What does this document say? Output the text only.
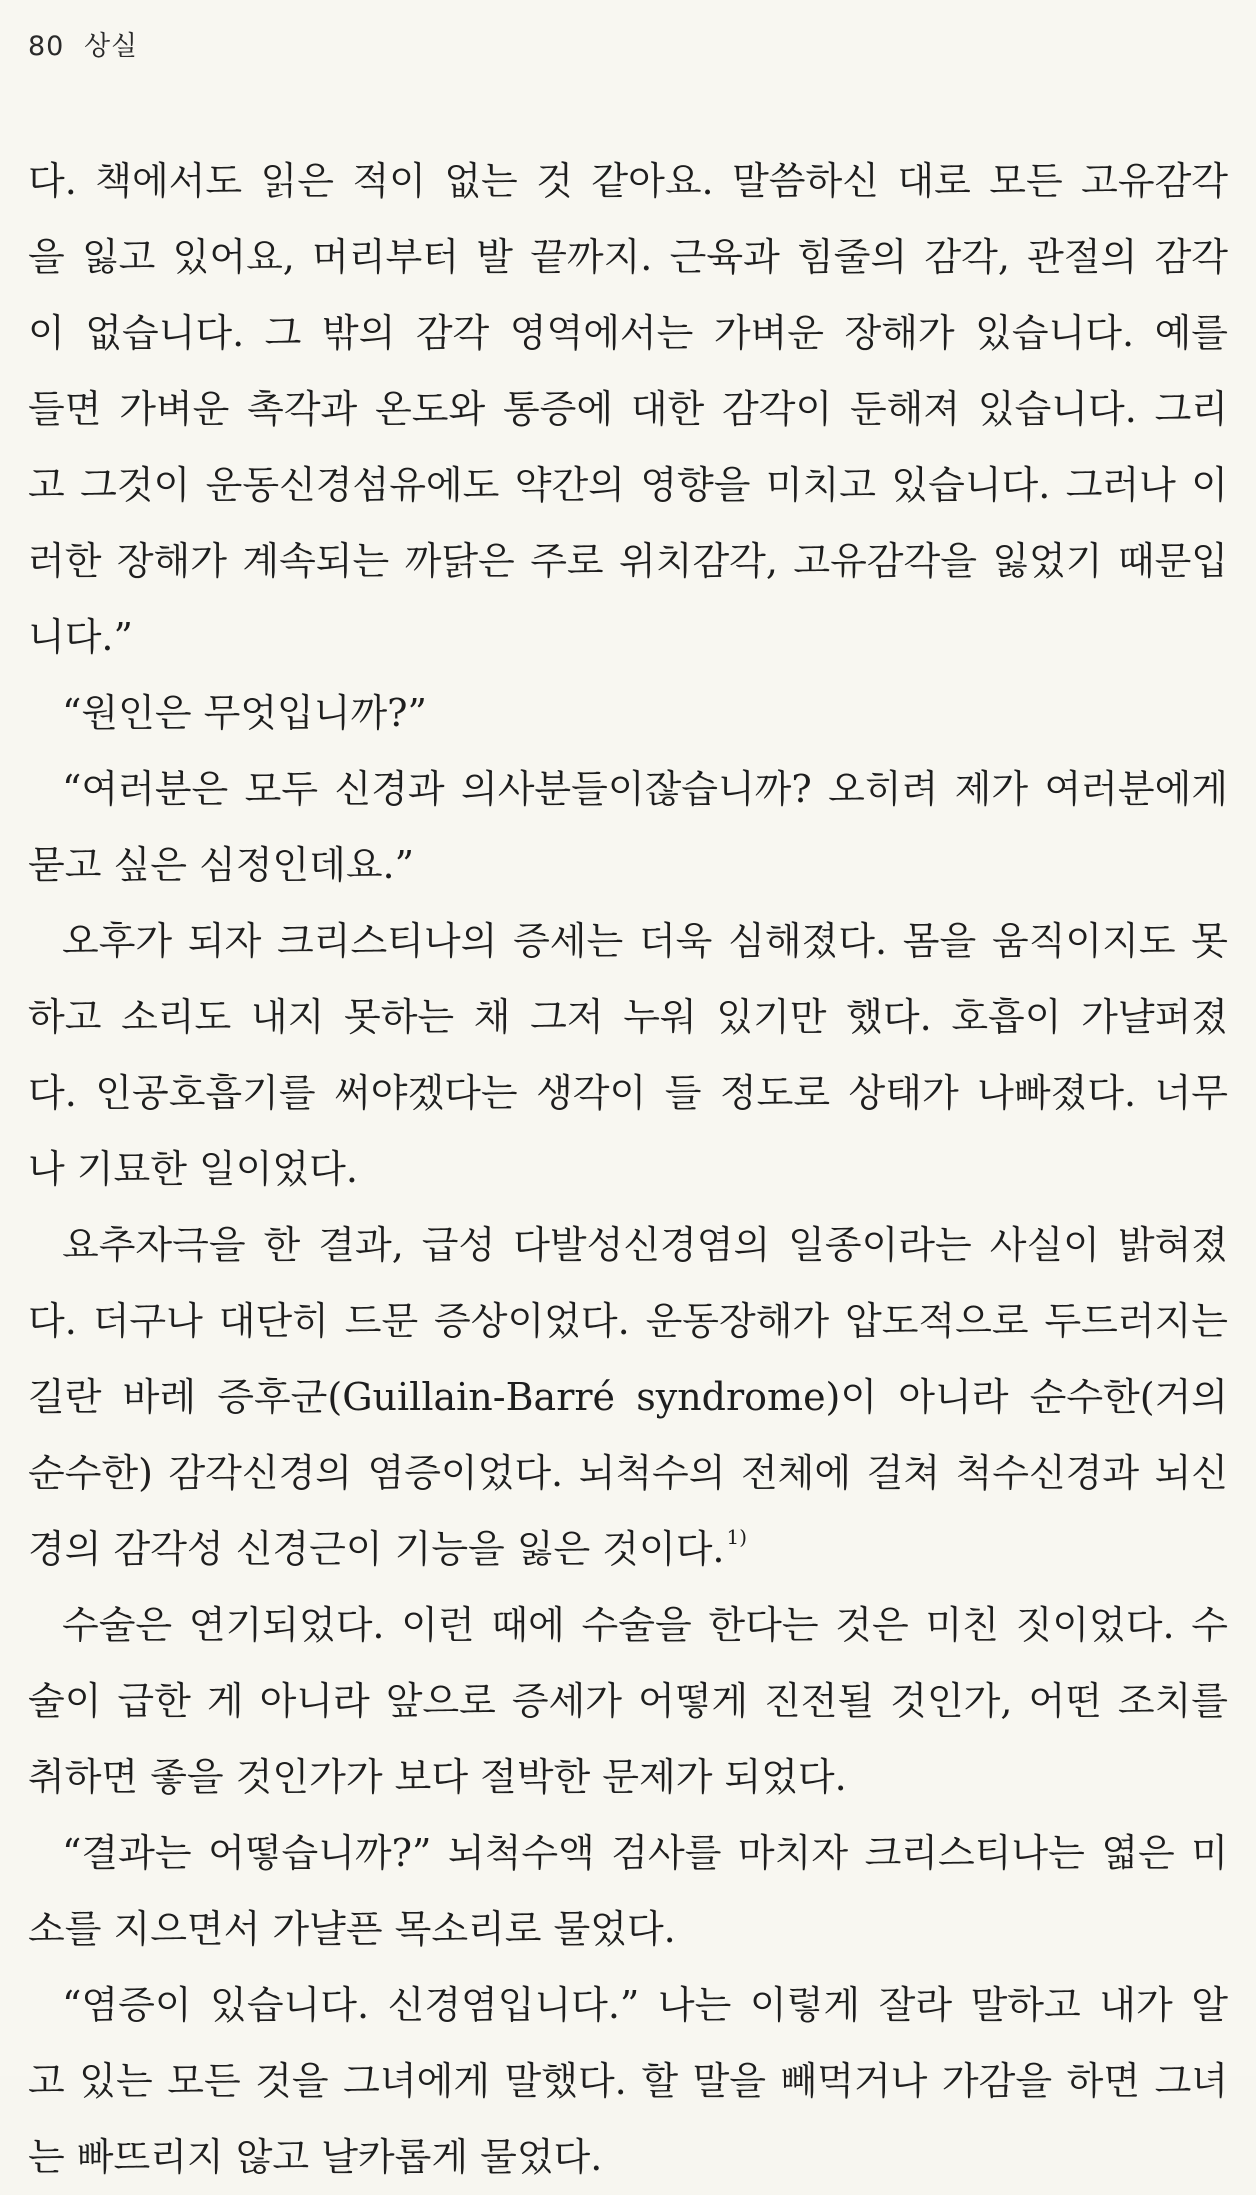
80 상실
다. 책에서도 읽은 적이 없는 것 같아요. 말씀하신 대로 모든 고유감각
을 잃고 있어요, 머리부터 발 끝까지. 근육과 힘줄의 감각, 관절의 감각
이 없습니다. 그 밖의 감각 영역에서는 가벼운 장해가 있습니다. 예를
들면 가벼운 촉각과 온도와 통증에 대한 감각이 둔해져 있습니다. 그리
고 그것이 운동신경섬유에도 약간의 영향을 미치고 있습니다. 그러나 이
러한 장해가 계속되는 까닭은 주로 위치감각, 고유감각을 잃었기 때문입
니다.”
“원인은 무엇입니까?”
“여러분은 모두 신경과 의사분들이잖습니까? 오히려 제가 여러분에게
묻고 싶은 심정인데요.”
오후가 되자 크리스티나의 증세는 더욱 심해졌다. 몸을 움직이지도 못
하고 소리도 내지 못하는 채 그저 누워 있기만 했다. 호흡이 가냘퍼졌
다. 인공호흡기를 써야겠다는 생각이 들 정도로 상태가 나빠졌다. 너무
나 기묘한 일이었다.
요추자극을 한 결과, 급성 다발성신경염의 일종이라는 사실이 밝혀졌
다. 더구나 대단히 드문 증상이었다. 운동장해가 압도적으로 두드러지는
길란 바레 증후군(Guillain-Barré syndrome)이 아니라 순수한(거의
순수한) 감각신경의 염증이었다. 뇌척수의 전체에 걸쳐 척수신경과 뇌신
경의 감각성 신경근이 기능을 잃은 것이다. $^{1)}$
수술은 연기되었다. 이런 때에 수술을 한다는 것은 미친 짓이었다. 수
술이 급한 게 아니라 앞으로 증세가 어떻게 진전될 것인가, 어떤 조치를
취하면 좋을 것인가가 보다 절박한 문제가 되었다.
“결과는 어떻습니까?” 뇌척수액 검사를 마치자 크리스티나는 엷은 미
소를 지으면서 가냘픈 목소리로 물었다.
“염증이 있습니다. 신경염입니다.” 나는 이렇게 잘라 말하고 내가 알
고 있는 모든 것을 그녀에게 말했다. 할 말을 빼먹거나 가감을 하면 그녀
는 빠뜨리지 않고 날카롭게 물었다.
